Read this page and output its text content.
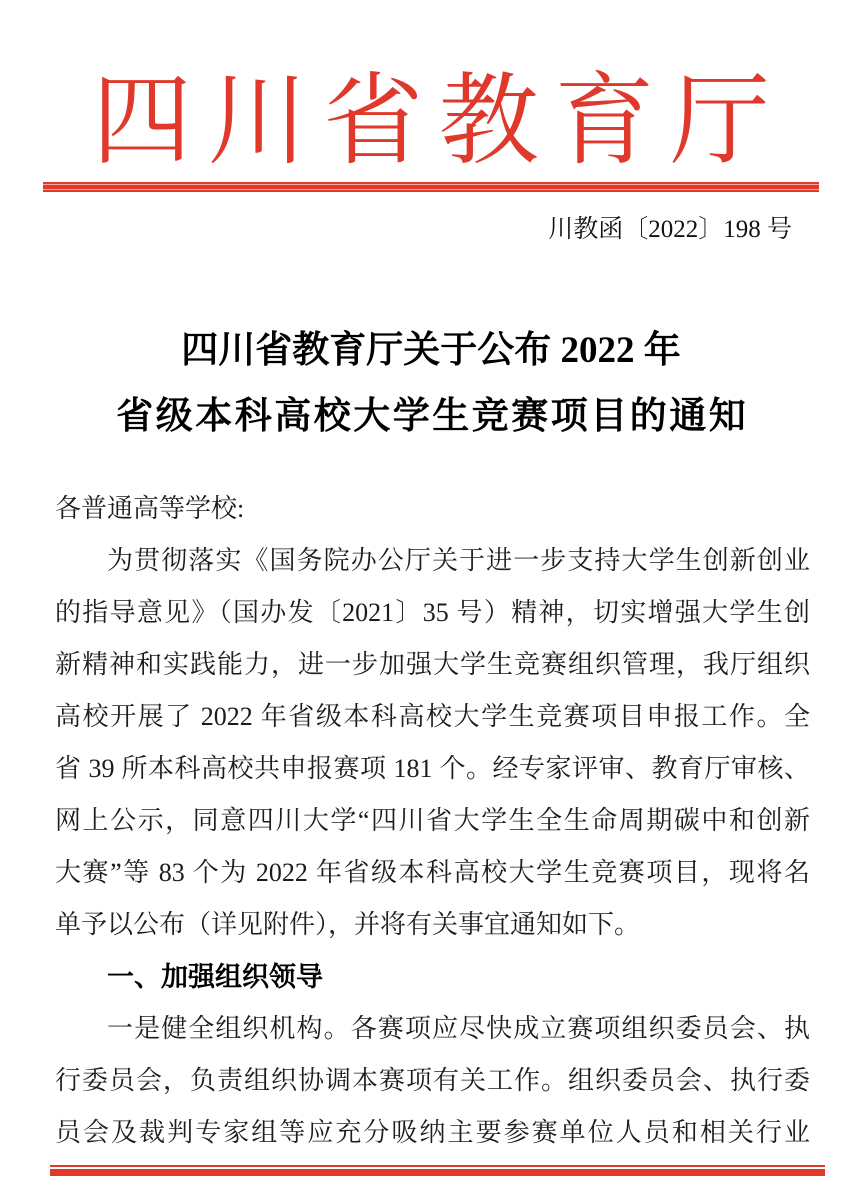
四川省教育厅
川教函〔2022〕198 号
四川省教育厅关于公布 2022 年
省级本科高校大学生竞赛项目的通知
各普通高等学校:
为贯彻落实《国务院办公厅关于进一步支持大学生创新创业
的指导意见》（国办发〔2021〕35 号）精神，切实增强大学生创
新精神和实践能力，进一步加强大学生竞赛组织管理，我厅组织
高校开展了 2022 年省级本科高校大学生竞赛项目申报工作。全
省 39 所本科高校共申报赛项 181 个。经专家评审、教育厅审核、
网上公示，同意四川大学“四川省大学生全生命周期碳中和创新
大赛”等 83 个为 2022 年省级本科高校大学生竞赛项目，现将名
单予以公布（详见附件），并将有关事宜通知如下。
一、加强组织领导
一是健全组织机构。各赛项应尽快成立赛项组织委员会、执
行委员会，负责组织协调本赛项有关工作。组织委员会、执行委
员会及裁判专家组等应充分吸纳主要参赛单位人员和相关行业
